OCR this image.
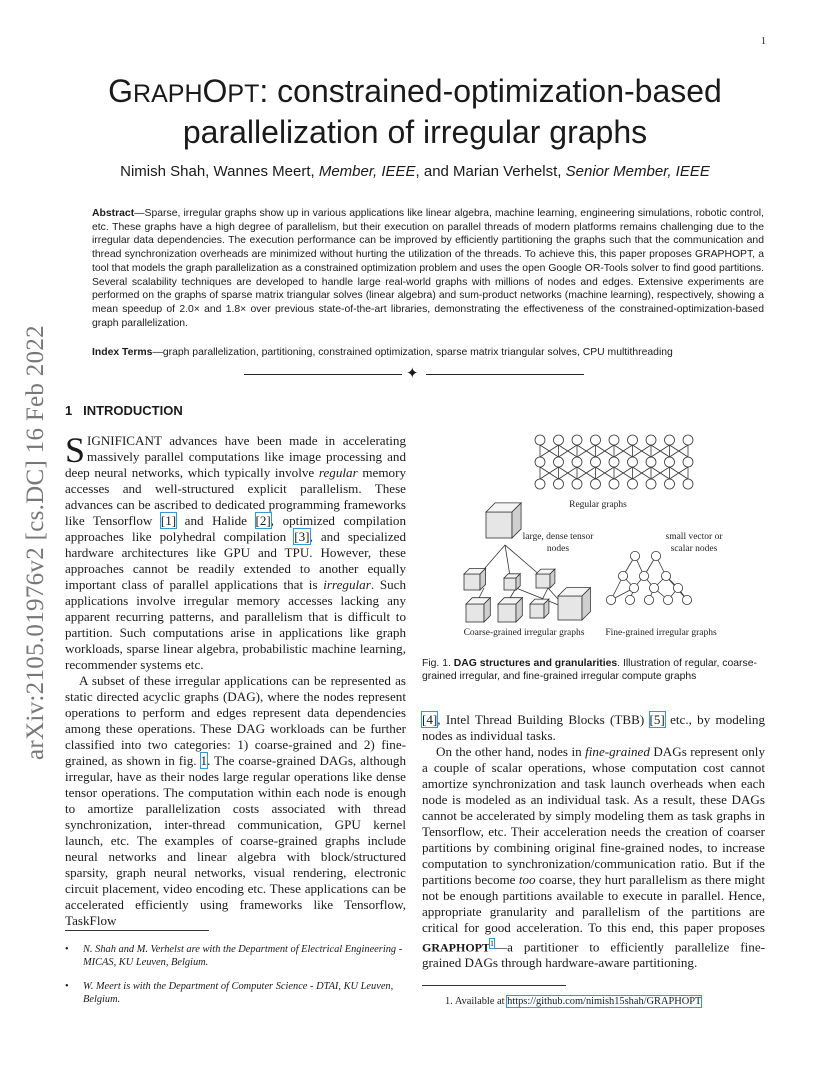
1
arXiv:2105.01976v2 [cs.DC] 16 Feb 2022
GRAPHOPT: constrained-optimization-based
parallelization of irregular graphs
Nimish Shah, Wannes Meert, Member, IEEE, and Marian Verhelst, Senior Member, IEEE
Abstract—Sparse, irregular graphs show up in various applications like linear algebra, machine learning, engineering simulations, robotic control, etc. These graphs have a high degree of parallelism, but their execution on parallel threads of modern platforms remains challenging due to the irregular data dependencies. The execution performance can be improved by efficiently partitioning the graphs such that the communication and thread synchronization overheads are minimized without hurting the utilization of the threads. To achieve this, this paper proposes GRAPHOPT, a tool that models the graph parallelization as a constrained optimization problem and uses the open Google OR-Tools solver to find good partitions. Several scalability techniques are developed to handle large real-world graphs with millions of nodes and edges. Extensive experiments are performed on the graphs of sparse matrix triangular solves (linear algebra) and sum-product networks (machine learning), respectively, showing a mean speedup of 2.0× and 1.8× over previous state-of-the-art libraries, demonstrating the effectiveness of the constrained-optimization-based graph parallelization.
Index Terms—graph parallelization, partitioning, constrained optimization, sparse matrix triangular solves, CPU multithreading
✦
1 INTRODUCTION

SIGNIFICANT advances have been made in accelerating massively parallel computations like image processing and deep neural networks, which typically involve regular memory accesses and well-structured explicit parallelism. These advances can be ascribed to dedicated programming frameworks like Tensorflow [1] and Halide [2], optimized compilation approaches like polyhedral compilation [3], and specialized hardware architectures like GPU and TPU. However, these approaches cannot be readily extended to another equally important class of parallel applications that is irregular. Such applications involve irregular memory accesses lacking any apparent recurring patterns, and parallelism that is difficult to partition. Such computations arise in applications like graph workloads, sparse linear algebra, probabilistic machine learning, recommender systems etc.

A subset of these irregular applications can be represented as static directed acyclic graphs (DAG), where the nodes represent operations to perform and edges represent data dependencies among these operations. These DAG workloads can be further classified into two categories: 1) coarse-grained and 2) fine-grained, as shown in fig. 1. The coarse-grained DAGs, although irregular, have as their nodes large regular operations like dense tensor operations. The computation within each node is enough to amortize parallelization costs associated with thread synchronization, inter-thread communication, GPU kernel launch, etc. The examples of coarse-grained graphs include neural networks and linear algebra with block/structured sparsity, graph neural networks, visual rendering, electronic circuit placement, video encoding etc. These applications can be accelerated efficiently using frameworks like Tensorflow, TaskFlow

• N. Shah and M. Verhelst are with the Department of Electrical Engineering - MICAS, KU Leuven, Belgium.
• W. Meert is with the Department of Computer Science - DTAI, KU Leuven, Belgium.
Regular graphs
large, dense tensor
nodes
small vector or
scalar nodes
Coarse-grained irregular graphs Fine-grained irregular graphs
Fig. 1. DAG structures and granularities. Illustration of regular, coarse-grained irregular, and fine-grained irregular compute graphs

[4], Intel Thread Building Blocks (TBB) [5] etc., by modeling nodes as individual tasks.

On the other hand, nodes in fine-grained DAGs represent only a couple of scalar operations, whose computation cost cannot amortize synchronization and task launch overheads when each node is modeled as an individual task. As a result, these DAGs cannot be accelerated by simply modeling them as task graphs in Tensorflow, etc. Their acceleration needs the creation of coarser partitions by combining original fine-grained nodes, to increase computation to synchronization/communication ratio. But if the partitions become too coarse, they hurt parallelism as there might not be enough partitions available to execute in parallel. Hence, appropriate granularity and parallelism of the partitions are critical for good acceleration. To this end, this paper proposes GRAPHOPT$^1$—a partitioner to efficiently parallelize fine-grained DAGs through hardware-aware partitioning.

1. Available at https://github.com/nimish15shah/GRAPHOPT
